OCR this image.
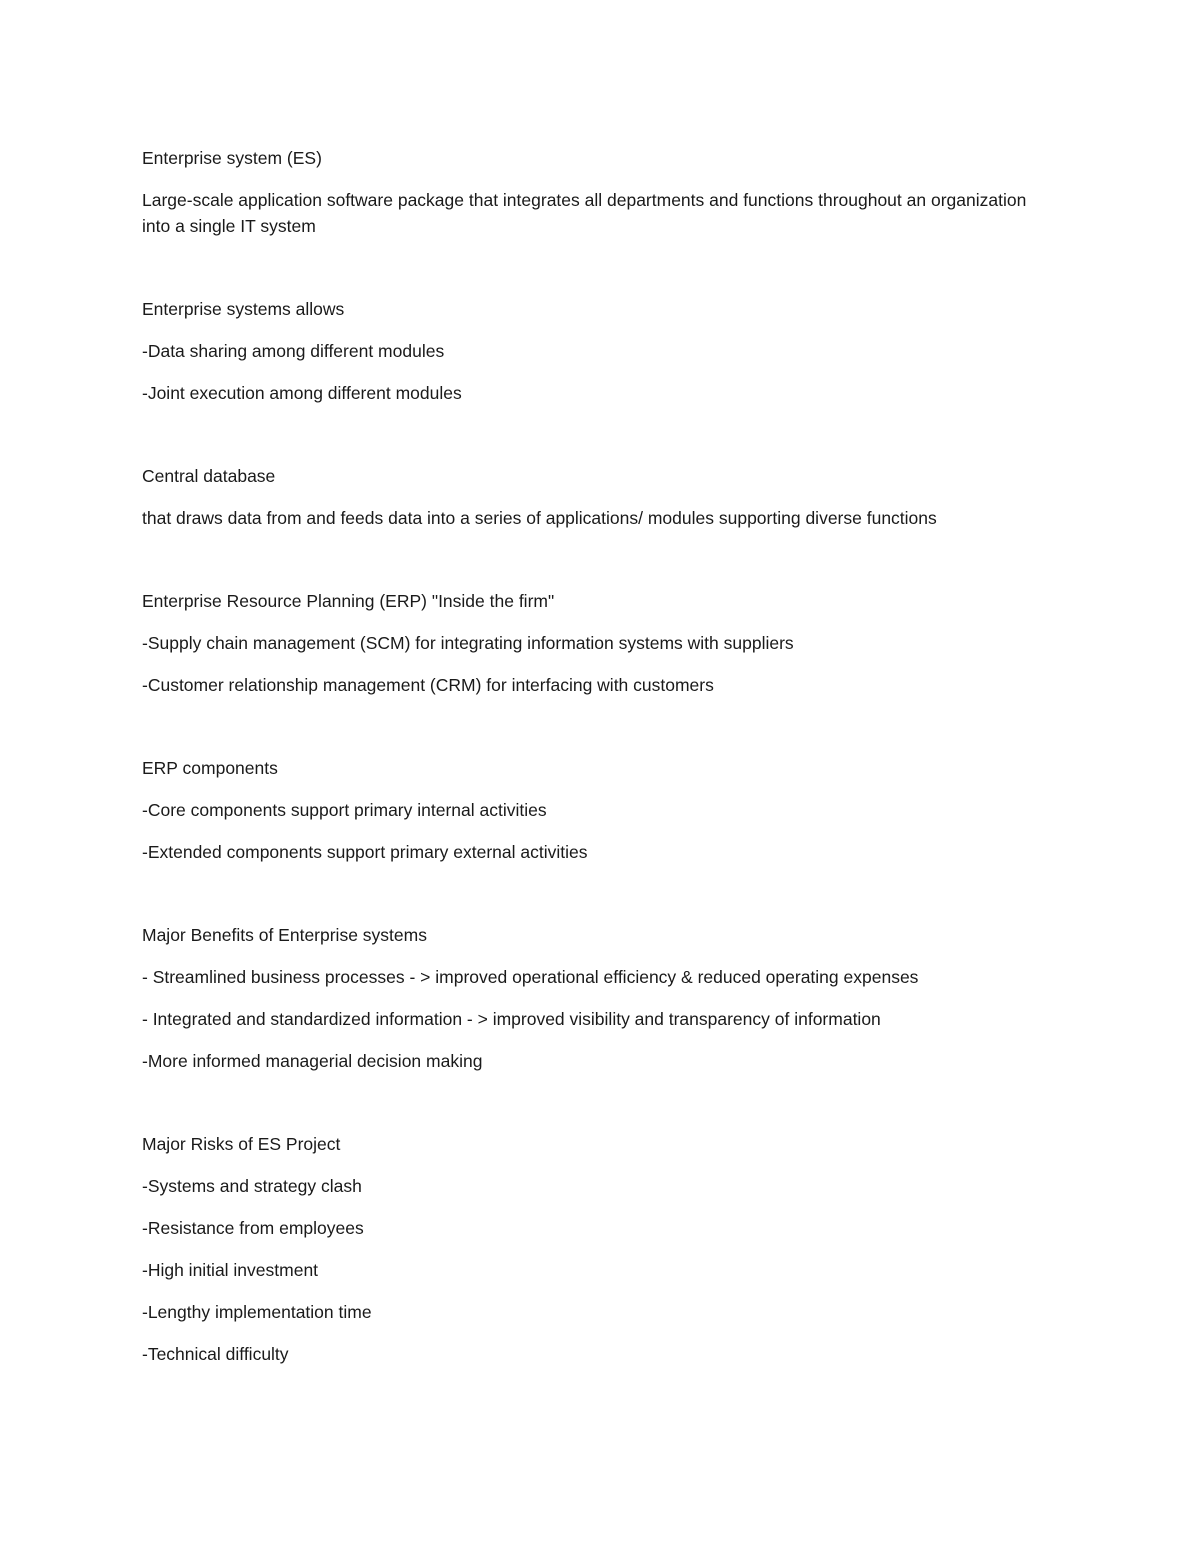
Enterprise system (ES)

Large-scale application software package that integrates all departments and functions throughout an organization into a single IT system

Enterprise systems allows

-Data sharing among different modules

-Joint execution among different modules

Central database

that draws data from and feeds data into a series of applications/ modules supporting diverse functions

Enterprise Resource Planning (ERP) "Inside the firm"

-Supply chain management (SCM) for integrating information systems with suppliers

-Customer relationship management (CRM) for interfacing with customers

ERP components

-Core components support primary internal activities

-Extended components support primary external activities

Major Benefits of Enterprise systems

- Streamlined business processes - > improved operational efficiency & reduced operating expenses

- Integrated and standardized information - > improved visibility and transparency of information

-More informed managerial decision making

Major Risks of ES Project

-Systems and strategy clash

-Resistance from employees

-High initial investment

-Lengthy implementation time

-Technical difficulty
